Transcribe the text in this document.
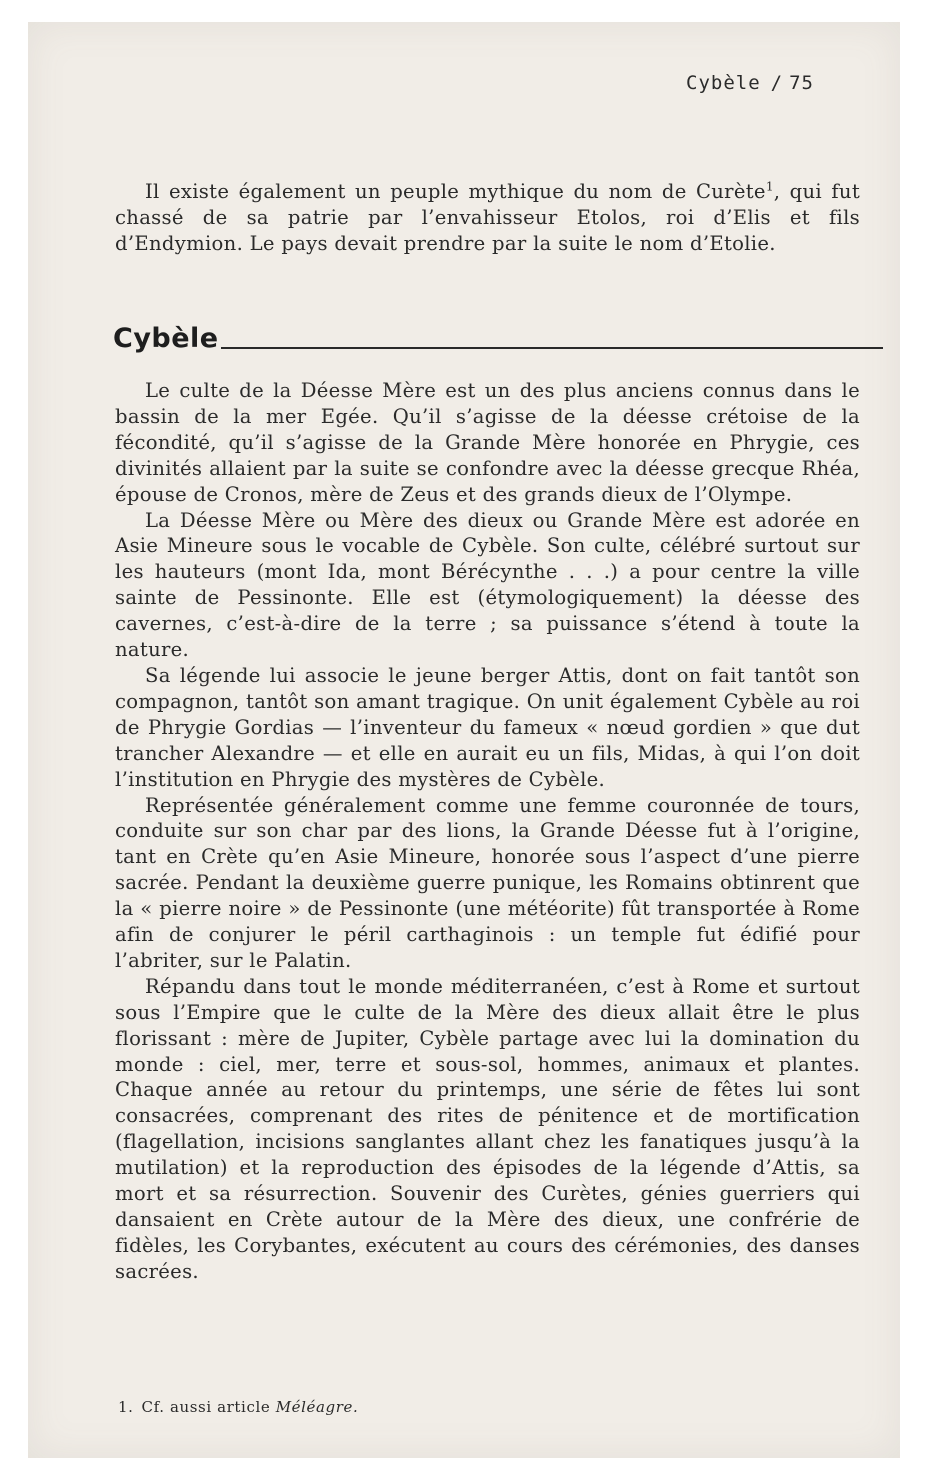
Cybèle / 75

Il existe également un peuple mythique du nom de Curète$^1$, qui fut chassé de sa patrie par l’envahisseur Etolos, roi d’Elis et fils d’Endymion. Le pays devait prendre par la suite le nom d’Etolie.

Cybèle

Le culte de la Déesse Mère est un des plus anciens connus dans le bassin de la mer Egée. Qu’il s’agisse de la déesse crétoise de la fécondité, qu’il s’agisse de la Grande Mère honorée en Phrygie, ces divinités allaient par la suite se confondre avec la déesse grecque Rhéa, épouse de Cronos, mère de Zeus et des grands dieux de l’Olympe.

La Déesse Mère ou Mère des dieux ou Grande Mère est adorée en Asie Mineure sous le vocable de Cybèle. Son culte, célébré surtout sur les hauteurs (mont Ida, mont Bérécynthe . . .) a pour centre la ville sainte de Pessinonte. Elle est (étymologiquement) la déesse des cavernes, c’est-à-dire de la terre ; sa puissance s’étend à toute la nature.

Sa légende lui associe le jeune berger Attis, dont on fait tantôt son compagnon, tantôt son amant tragique. On unit également Cybèle au roi de Phrygie Gordias — l’inventeur du fameux « nœud gordien » que dut trancher Alexandre — et elle en aurait eu un fils, Midas, à qui l’on doit l’institution en Phrygie des mystères de Cybèle.

Représentée généralement comme une femme couronnée de tours, conduite sur son char par des lions, la Grande Déesse fut à l’origine, tant en Crète qu’en Asie Mineure, honorée sous l’aspect d’une pierre sacrée. Pendant la deuxième guerre punique, les Romains obtinrent que la « pierre noire » de Pessinonte (une météorite) fût transportée à Rome afin de conjurer le péril carthaginois : un temple fut édifié pour l’abriter, sur le Palatin.

Répandu dans tout le monde méditerranéen, c’est à Rome et surtout sous l’Empire que le culte de la Mère des dieux allait être le plus florissant : mère de Jupiter, Cybèle partage avec lui la domination du monde : ciel, mer, terre et sous-sol, hommes, animaux et plantes. Chaque année au retour du printemps, une série de fêtes lui sont consacrées, comprenant des rites de pénitence et de mortification (flagellation, incisions sanglantes allant chez les fanatiques jusqu’à la mutilation) et la reproduction des épisodes de la légende d’Attis, sa mort et sa résurrection. Souvenir des Curètes, génies guerriers qui dansaient en Crète autour de la Mère des dieux, une confrérie de fidèles, les Corybantes, exécutent au cours des cérémonies, des danses sacrées.

1. Cf. aussi article Méléagre.
